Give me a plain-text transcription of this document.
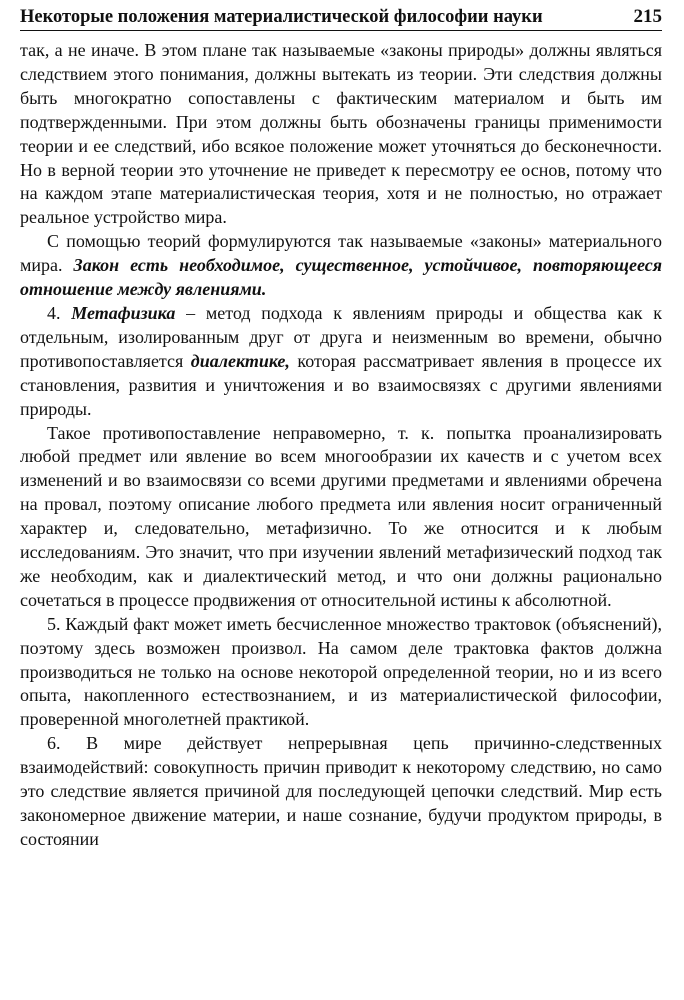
Некоторые положения материалистической философии науки	215

так, а не иначе. В этом плане так называемые «законы природы» должны являться следствием этого понимания, должны вытекать из теории. Эти следствия должны быть многократно сопоставлены с фактическим материалом и быть им подтвержденными. При этом должны быть обозначены границы применимости теории и ее следствий, ибо всякое положение может уточняться до бесконечности. Но в верной теории это уточнение не приведет к пересмотру ее основ, потому что на каждом этапе материалистическая теория, хотя и не полностью, но отражает реальное устройство мира.

С помощью теорий формулируются так называемые «законы» материального мира. Закон есть необходимое, существенное, устойчивое, повторяющееся отношение между явлениями.

4. Метафизика – метод подхода к явлениям природы и общества как к отдельным, изолированным друг от друга и неизменным во времени, обычно противопоставляется диалектике, которая рассматривает явления в процессе их становления, развития и уничтожения и во взаимосвязях с другими явлениями природы.

Такое противопоставление неправомерно, т. к. попытка проанализировать любой предмет или явление во всем многообразии их качеств и с учетом всех изменений и во взаимосвязи со всеми другими предметами и явлениями обречена на провал, поэтому описание любого предмета или явления носит ограниченный характер и, следовательно, метафизично. То же относится и к любым исследованиям. Это значит, что при изучении явлений метафизический подход так же необходим, как и диалектический метод, и что они должны рационально сочетаться в процессе продвижения от относительной истины к абсолютной.

5. Каждый факт может иметь бесчисленное множество трактовок (объяснений), поэтому здесь возможен произвол. На самом деле трактовка фактов должна производиться не только на основе некоторой определенной теории, но и из всего опыта, накопленного естествознанием, и из материалистической философии, проверенной многолетней практикой.

6. В мире действует непрерывная цепь причинно-следственных взаимодействий: совокупность причин приводит к некоторому следствию, но само это следствие является причиной для последующей цепочки следствий. Мир есть закономерное движение материи, и наше сознание, будучи продуктом природы, в состоянии
